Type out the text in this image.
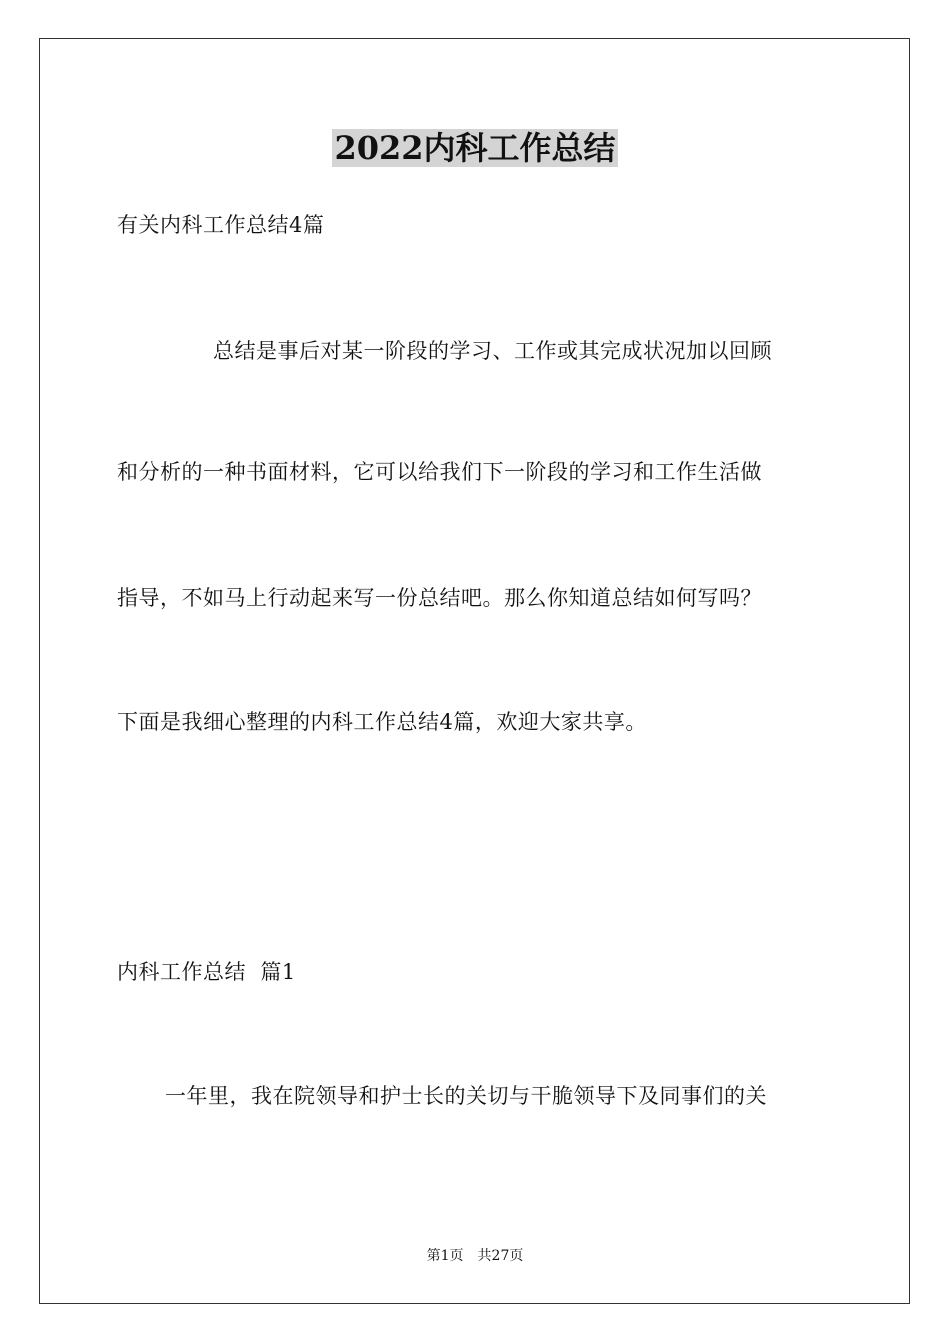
2022内科工作总结
有关内科工作总结4篇
总结是事后对某一阶段的学习、工作或其完成状况加以回顾
和分析的一种书面材料，它可以给我们下一阶段的学习和工作生活做
指导，不如马上行动起来写一份总结吧。那么你知道总结如何写吗？
下面是我细心整理的内科工作总结4篇，欢迎大家共享。
内科工作总结  篇1
一年里，我在院领导和护士长的关切与干脆领导下及同事们的关
第1页　共27页
